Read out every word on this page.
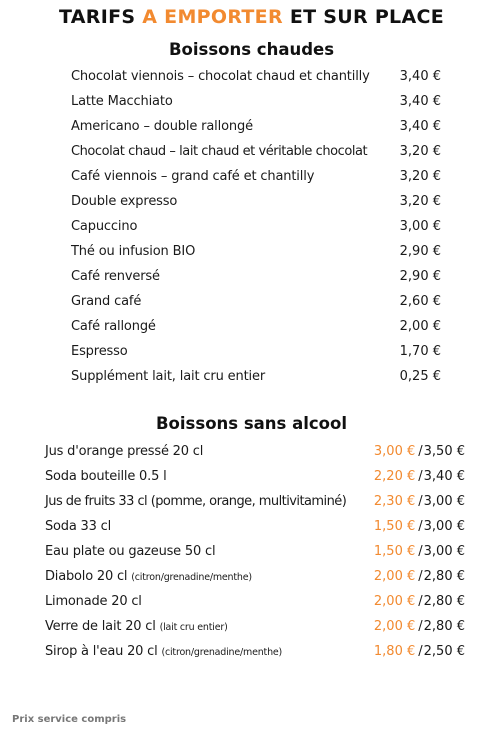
TARIFS A EMPORTER ET SUR PLACE
Boissons chaudes
Chocolat viennois – chocolat chaud et chantilly 3,40 €
Latte Macchiato	3,40 €
Americano – double rallongé	3,40 €
Chocolat chaud – lait chaud et véritable chocolat 3,20 €
Café viennois – grand café et chantilly	3,20 €
Double expresso	3,20 €
Capuccino	3,00 €
Thé ou infusion BIO	2,90 €
Café renversé	2,90 €
Grand café	2,60 €
Café rallongé	2,00 €
Espresso	1,70 €
Supplément lait, lait cru entier	0,25 €
Boissons sans alcool
Jus d'orange pressé 20 cl	3,00 € /3,50 €
Soda bouteille 0.5 l	2,20 € /3,40 €
Jus de fruits 33 cl (pomme, orange, multivitaminé) 2,30 € /3,00 €
Soda 33 cl	1,50 € /3,00 €
Eau plate ou gazeuse 50 cl	1,50 € /3,00 €
Diabolo 20 cl (citron/grenadine/menthe)	2,00 € /2,80 €
Limonade 20 cl	2,00 € /2,80 €
Verre de lait 20 cl (lait cru entier)	2,00 € /2,80 €
Sirop à l'eau 20 cl (citron/grenadine/menthe)	1,80 € /2,50 €
Prix service compris
